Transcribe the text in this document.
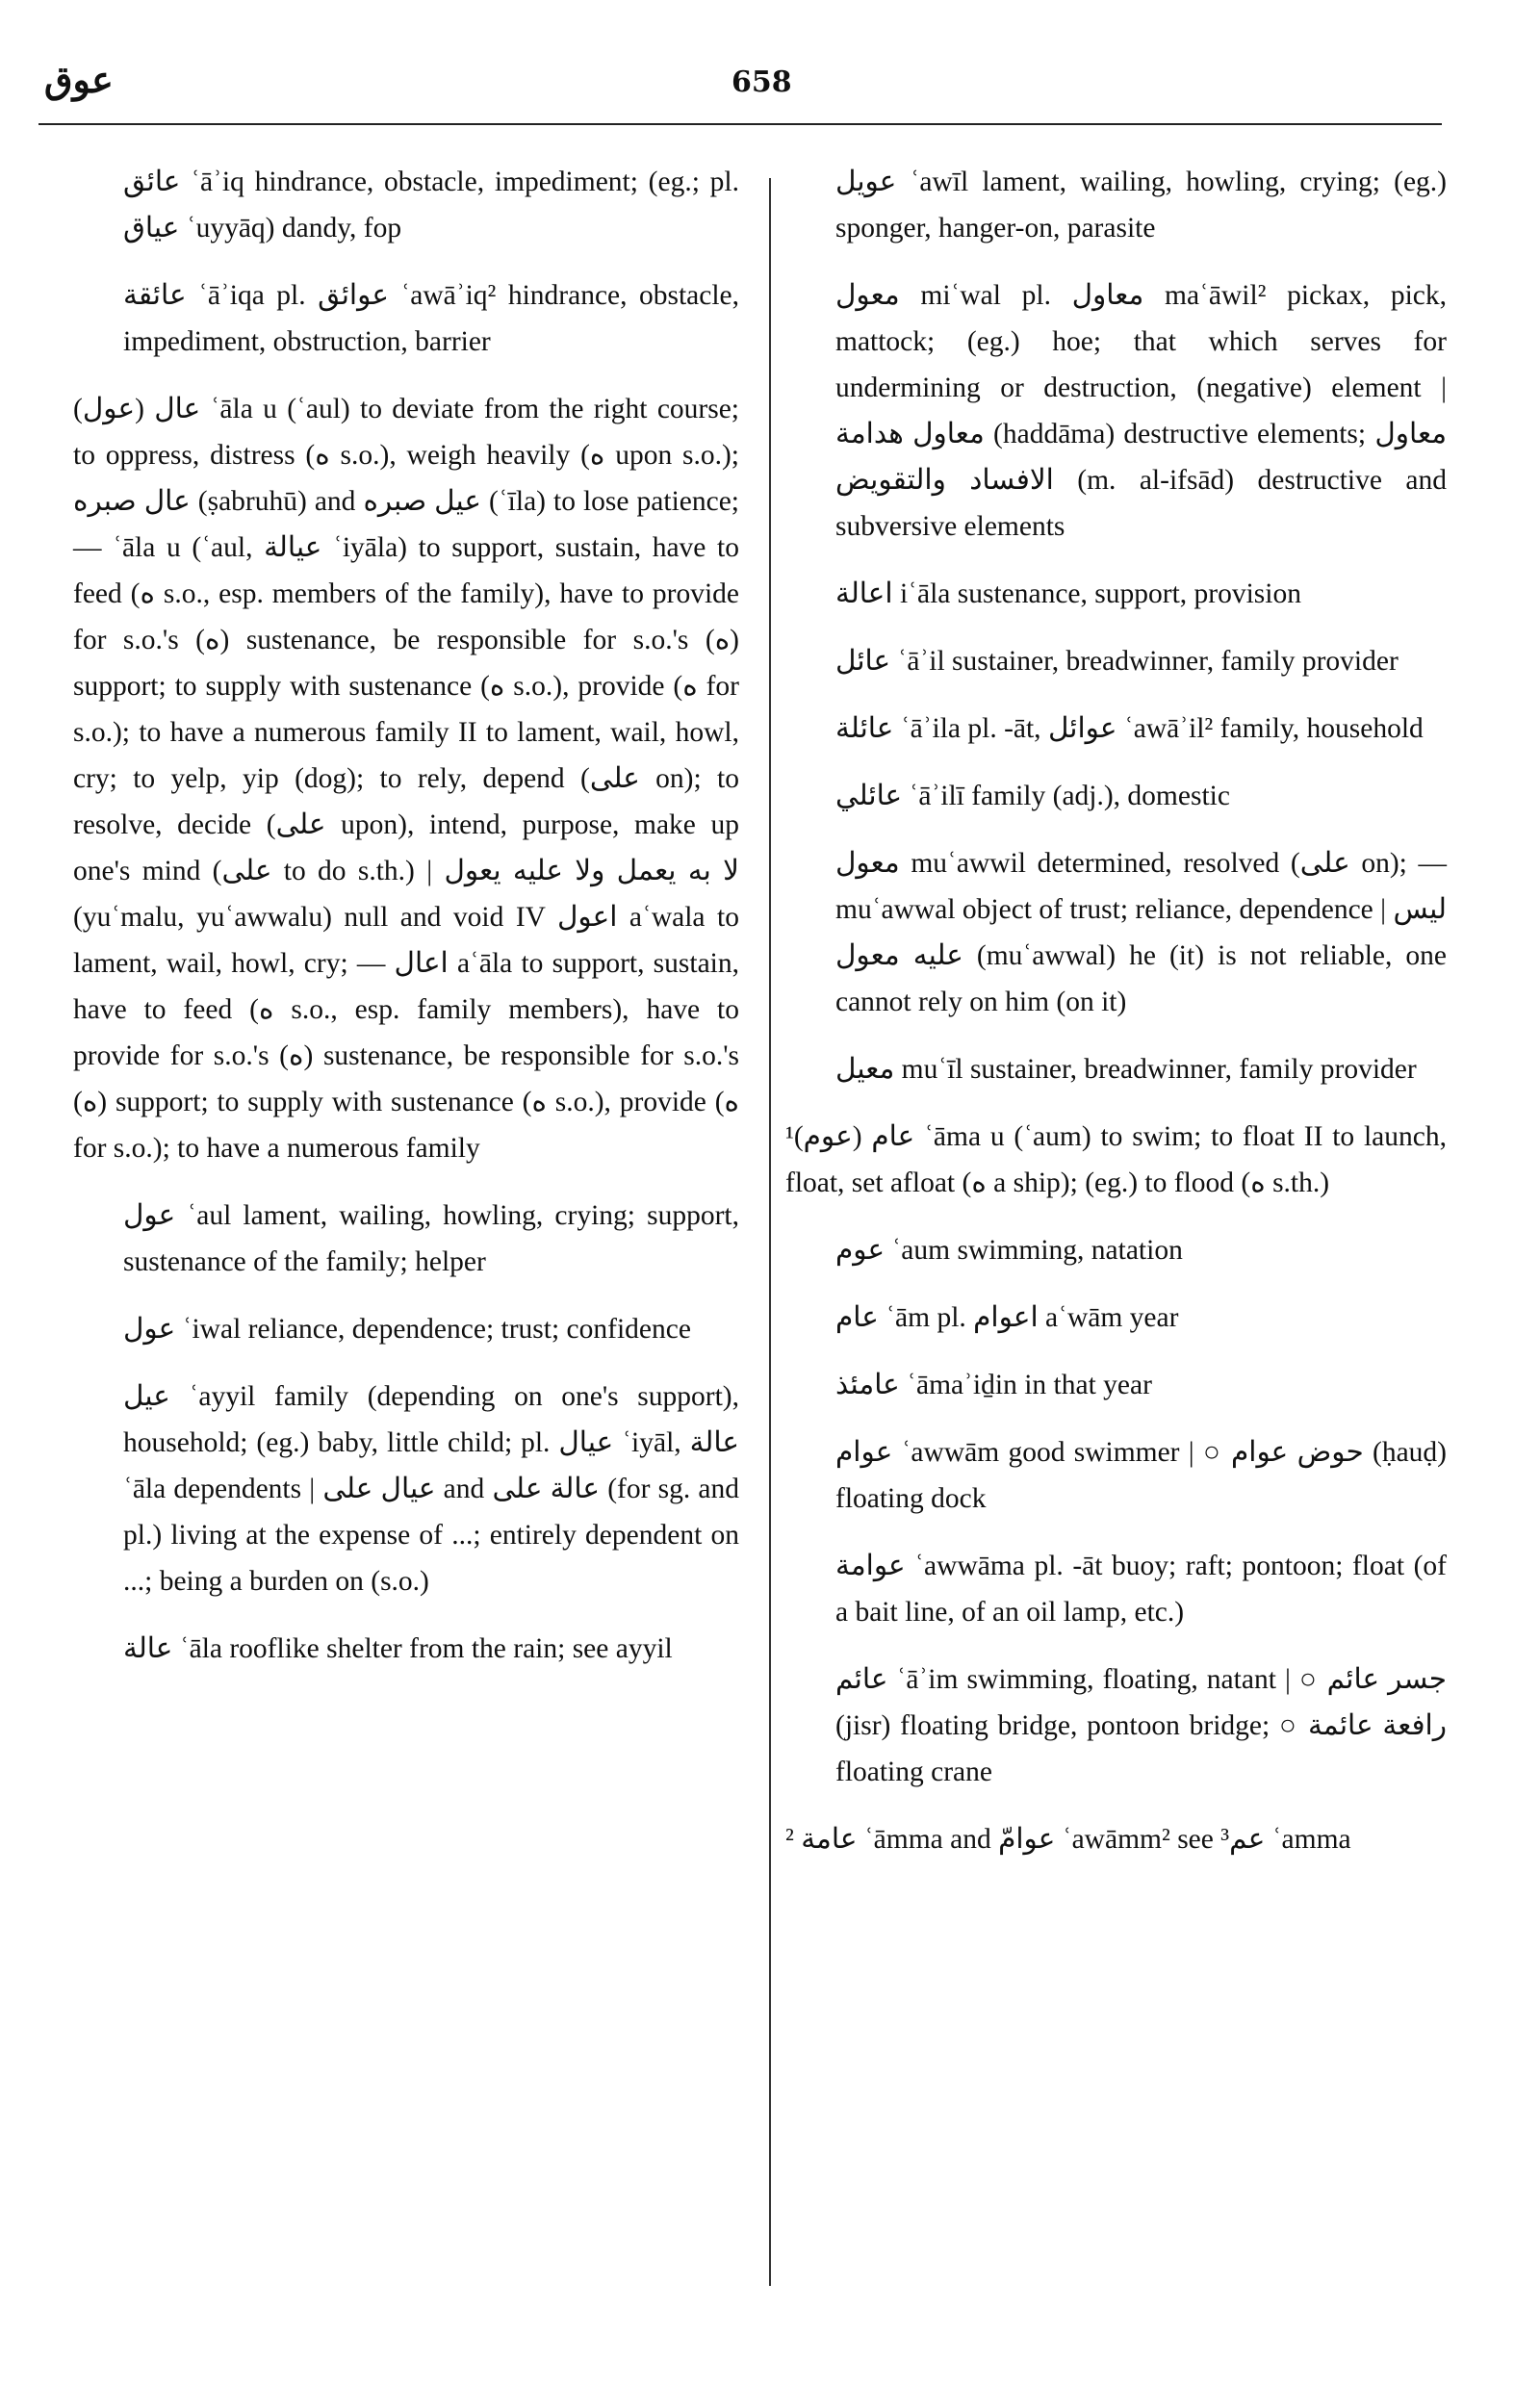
عوق	658

عائق ʿāʾiq hindrance, obstacle, impediment; (eg.; pl. عياق ʿuyyāq) dandy, fop

عائقة ʿāʾiqa pl. عوائق ʿawāʾiq² hindrance, obstacle, impediment, obstruction, barrier

(عول) عال ʿāla u (ʿaul) to deviate from the right course; to oppress, distress (ه s.o.), weigh heavily (ه upon s.o.); عال صبره (ṣabruhū) and عيل صبره (ʿīla) to lose patience; — ʿāla u (ʿaul, عيالة ʿiyāla) to support, sustain, have to feed (ه s.o., esp. members of the family), have to provide for s.o.'s (ه) sustenance, be responsible for s.o.'s (ه) support; to supply with sustenance (ه s.o.), provide (ه for s.o.); to have a numerous family II to lament, wail, howl, cry; to yelp, yip (dog); to rely, depend (على on); to resolve, decide (على upon), intend, purpose, make up one's mind (على to do s.th.) | لا به يعمل ولا عليه يعول (yuʿmalu, yuʿawwalu) null and void IV اعول aʿwala to lament, wail, howl, cry; — اعال aʿāla to support, sustain, have to feed (ه s.o., esp. family members), have to provide for s.o.'s (ه) sustenance, be responsible for s.o.'s (ه) support; to supply with sustenance (ه s.o.), provide (ه for s.o.); to have a numerous family

عول ʿaul lament, wailing, howling, crying; support, sustenance of the family; helper

عول ʿiwal reliance, dependence; trust; confidence

عيل ʿayyil family (depending on one's support), household; (eg.) baby, little child; pl. عيال ʿiyāl, عالة ʿāla dependents | عيال على and عالة على (for sg. and pl.) living at the expense of ...; entirely dependent on ...; being a burden on (s.o.)

عالة ʿāla rooflike shelter from the rain; see ayyil

عويل ʿawīl lament, wailing, howling, crying; (eg.) sponger, hanger-on, parasite

معول miʿwal pl. معاول maʿāwil² pickax, pick, mattock; (eg.) hoe; that which serves for undermining or destruction, (negative) element | معاول هدامة (haddāma) destructive elements; معاول الافساد والتقويض (m. al-ifsād) destructive and subversive elements

اعالة iʿāla sustenance, support, provision

عائل ʿāʾil sustainer, breadwinner, family provider

عائلة ʿāʾila pl. -āt, عوائل ʿawāʾil² family, household

عائلي ʿāʾilī family (adj.), domestic

معول muʿawwil determined, resolved (على on); — muʿawwal object of trust; reliance, dependence | ليس عليه معول (muʿawwal) he (it) is not reliable, one cannot rely on him (on it)

معيل muʿīl sustainer, breadwinner, family provider

¹(عوم) عام ʿāma u (ʿaum) to swim; to float II to launch, float, set afloat (ه a ship); (eg.) to flood (ه s.th.)

عوم ʿaum swimming, natation

عام ʿām pl. اعوام aʿwām year

عامئذ ʿāmaʾiḏin in that year

عوام ʿawwām good swimmer | ○ حوض عوام (ḥauḍ) floating dock

عوامة ʿawwāma pl. -āt buoy; raft; pontoon; float (of a bait line, of an oil lamp, etc.)

عائم ʿāʾim swimming, floating, natant | ○ جسر عائم (jisr) floating bridge, pontoon bridge; ○ رافعة عائمة floating crane

² عامة ʿāmma and عوامّ ʿawāmm² see ³عم ʿamma
